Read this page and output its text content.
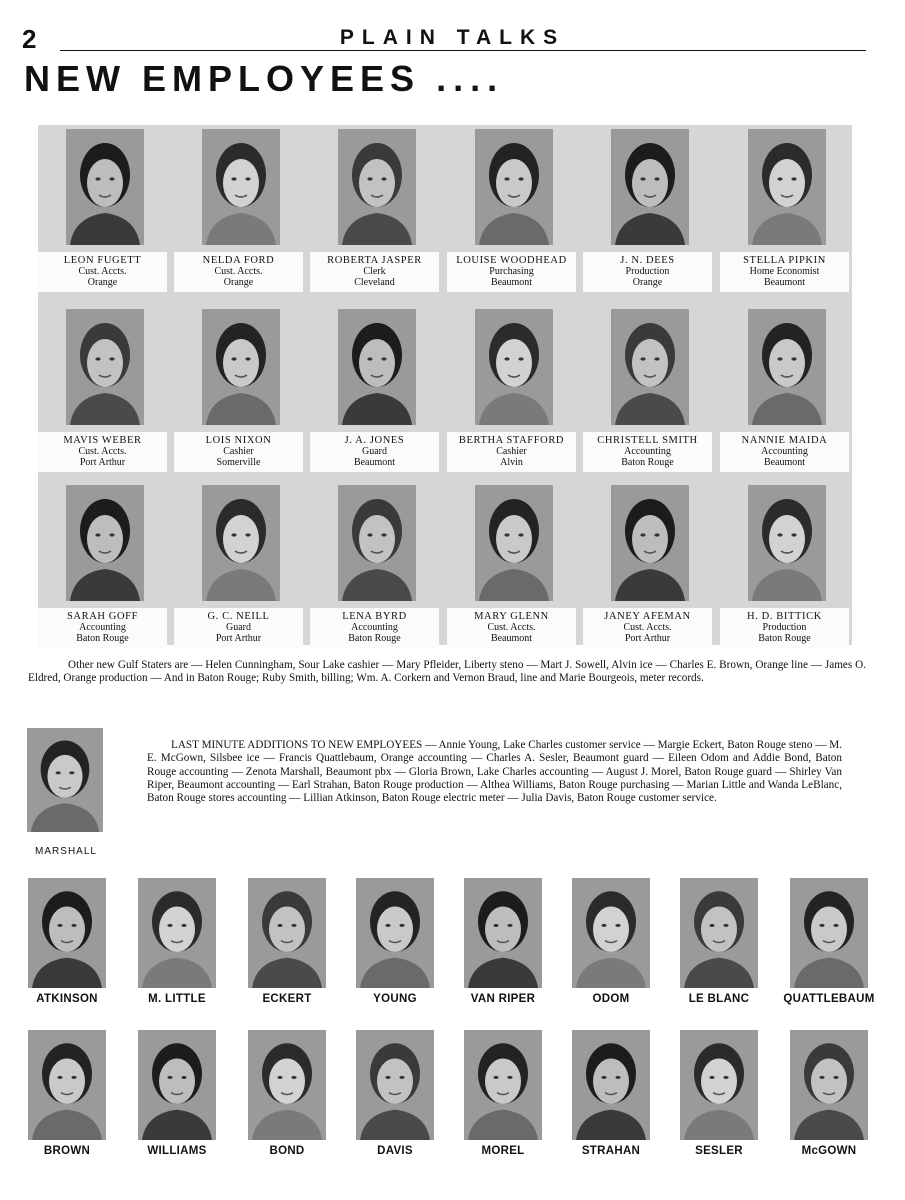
2	PLAIN TALKS
NEW EMPLOYEES ....
LEON FUGETT
Cust. Accts.
Orange
NELDA FORD
Cust. Accts.
Orange
ROBERTA JASPER
Clerk
Cleveland
LOUISE WOODHEAD
Purchasing
Beaumont
J. N. DEES
Production
Orange
STELLA PIPKIN
Home Economist
Beaumont
MAVIS WEBER
Cust. Accts.
Port Arthur
LOIS NIXON
Cashier
Somerville
J. A. JONES
Guard
Beaumont
BERTHA STAFFORD
Cashier
Alvin
CHRISTELL SMITH
Accounting
Baton Rouge
NANNIE MAIDA
Accounting
Beaumont
SARAH GOFF
Accounting
Baton Rouge
G. C. NEILL
Guard
Port Arthur
LENA BYRD
Accounting
Baton Rouge
MARY GLENN
Cust. Accts.
Beaumont
JANEY AFEMAN
Cust. Accts.
Port Arthur
H. D. BITTICK
Production
Baton Rouge
Other new Gulf Staters are — Helen Cunningham, Sour Lake cashier — Mary Pfleider, Liberty steno — Mart J. Sowell, Alvin ice — Charles E. Brown, Orange line — James O. Eldred, Orange production — And in Baton Rouge; Ruby Smith, billing; Wm. A. Corkern and Vernon Braud, line and Marie Bourgeois, meter records.
MARSHALL
LAST MINUTE ADDITIONS TO NEW EMPLOYEES — Annie Young, Lake Charles customer service — Margie Eckert, Baton Rouge steno — M. E. McGown, Silsbee ice — Francis Quattlebaum, Orange accounting — Charles A. Sesler, Beaumont guard — Eileen Odom and Addie Bond, Baton Rouge accounting — Zenota Marshall, Beaumont pbx — Gloria Brown, Lake Charles accounting — August J. Morel, Baton Rouge guard — Shirley Van Riper, Beaumont accounting — Earl Strahan, Baton Rouge production — Althea Williams, Baton Rouge purchasing — Marian Little and Wanda LeBlanc, Baton Rouge stores accounting — Lillian Atkinson, Baton Rouge electric meter — Julia Davis, Baton Rouge customer service.
ATKINSON	M. LITTLE	ECKERT	YOUNG	VAN RIPER	ODOM	LE BLANC	QUATTLEBAUM
BROWN	WILLIAMS	BOND	DAVIS	MOREL	STRAHAN	SESLER	McGOWN
